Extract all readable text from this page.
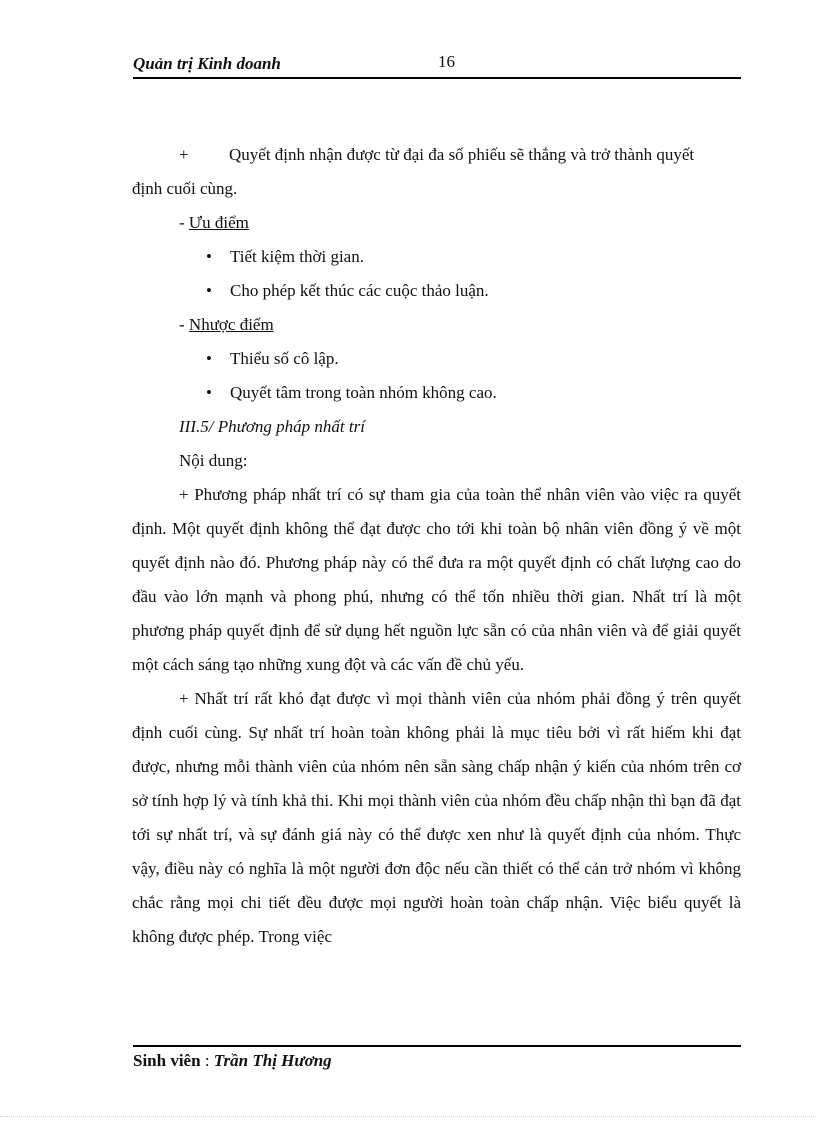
Quản trị Kinh doanh	16

+ Quyết định nhận được từ đại đa số phiếu sẽ thắng và trở thành quyết

định cuối cùng.

- Ưu điểm

•	Tiết kiệm thời gian.

•	Cho phép kết thúc các cuộc thảo luận.

- Nhược điểm

•	Thiểu số cô lập.

•	Quyết tâm trong toàn nhóm không cao.

III.5/ Phương pháp nhất trí

Nội dung:

+ Phương pháp nhất trí có sự tham gia của toàn thể nhân viên vào việc ra quyết định. Một quyết định không thể đạt được cho tới khi toàn bộ nhân viên đồng ý về một quyết định nào đó. Phương pháp này có thể đưa ra một quyết định có chất lượng cao do đầu vào lớn mạnh và phong phú, nhưng có thể tốn nhiều thời gian. Nhất trí là một phương pháp quyết định để sử dụng hết nguồn lực sẵn có của nhân viên và để giải quyết một cách sáng tạo những xung đột và các vấn đề chủ yếu.

+ Nhất trí rất khó đạt được vì mọi thành viên của nhóm phải đồng ý trên quyết định cuối cùng. Sự nhất trí hoàn toàn không phải là mục tiêu bởi vì rất hiếm khi đạt được, nhưng mỗi thành viên của nhóm nên sẵn sàng chấp nhận ý kiến của nhóm trên cơ sở tính hợp lý và tính khả thi. Khi mọi thành viên của nhóm đều chấp nhận thì bạn đã đạt tới sự nhất trí, và sự đánh giá này có thể được xen như là quyết định của nhóm. Thực vậy, điều này có nghĩa là một người đơn độc nếu cần thiết có thể cản trở nhóm vì không chắc rằng mọi chi tiết đều được mọi người hoàn toàn chấp nhận. Việc biểu quyết là không được phép. Trong việc

Sinh viên : Trần Thị Hương
